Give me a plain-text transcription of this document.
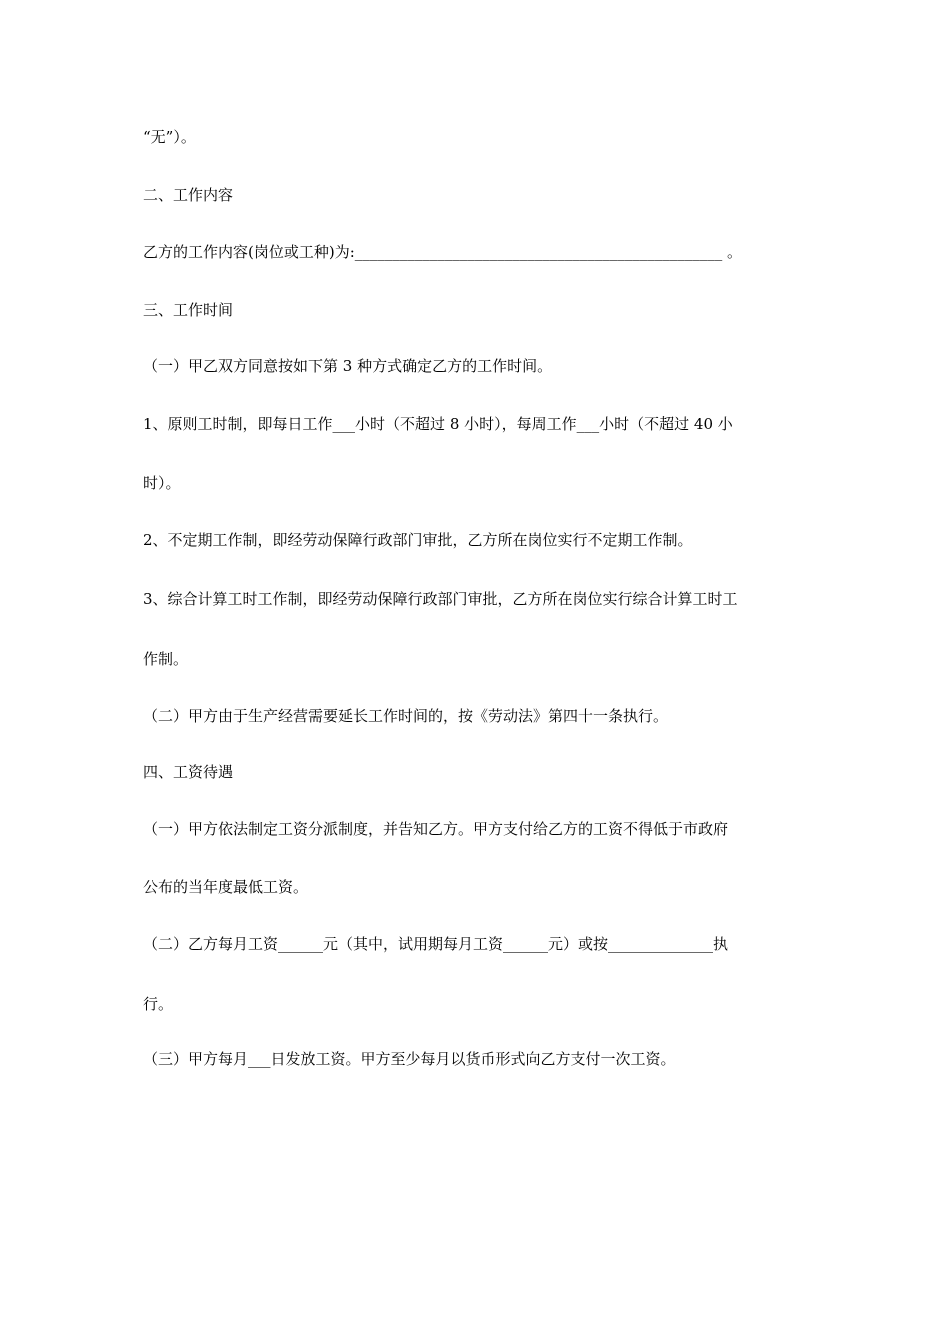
“无”）。
二、工作内容
乙方的工作内容(岗位或工种)为:_________________________________________________ 。
三、工作时间
（一）甲乙双方同意按如下第 3 种方式确定乙方的工作时间。
1、原则工时制，即每日工作___小时（不超过 8 小时），每周工作___小时（不超过 40 小
时）。
2、不定期工作制，即经劳动保障行政部门审批，乙方所在岗位实行不定期工作制。
3、综合计算工时工作制，即经劳动保障行政部门审批，乙方所在岗位实行综合计算工时工
作制。
（二）甲方由于生产经营需要延长工作时间的，按《劳动法》第四十一条执行。
四、工资待遇
（一）甲方依法制定工资分派制度，并告知乙方。甲方支付给乙方的工资不得低于市政府
公布的当年度最低工资。
（二）乙方每月工资______元（其中，试用期每月工资______元）或按______________执
行。
（三）甲方每月___日发放工资。甲方至少每月以货币形式向乙方支付一次工资。
